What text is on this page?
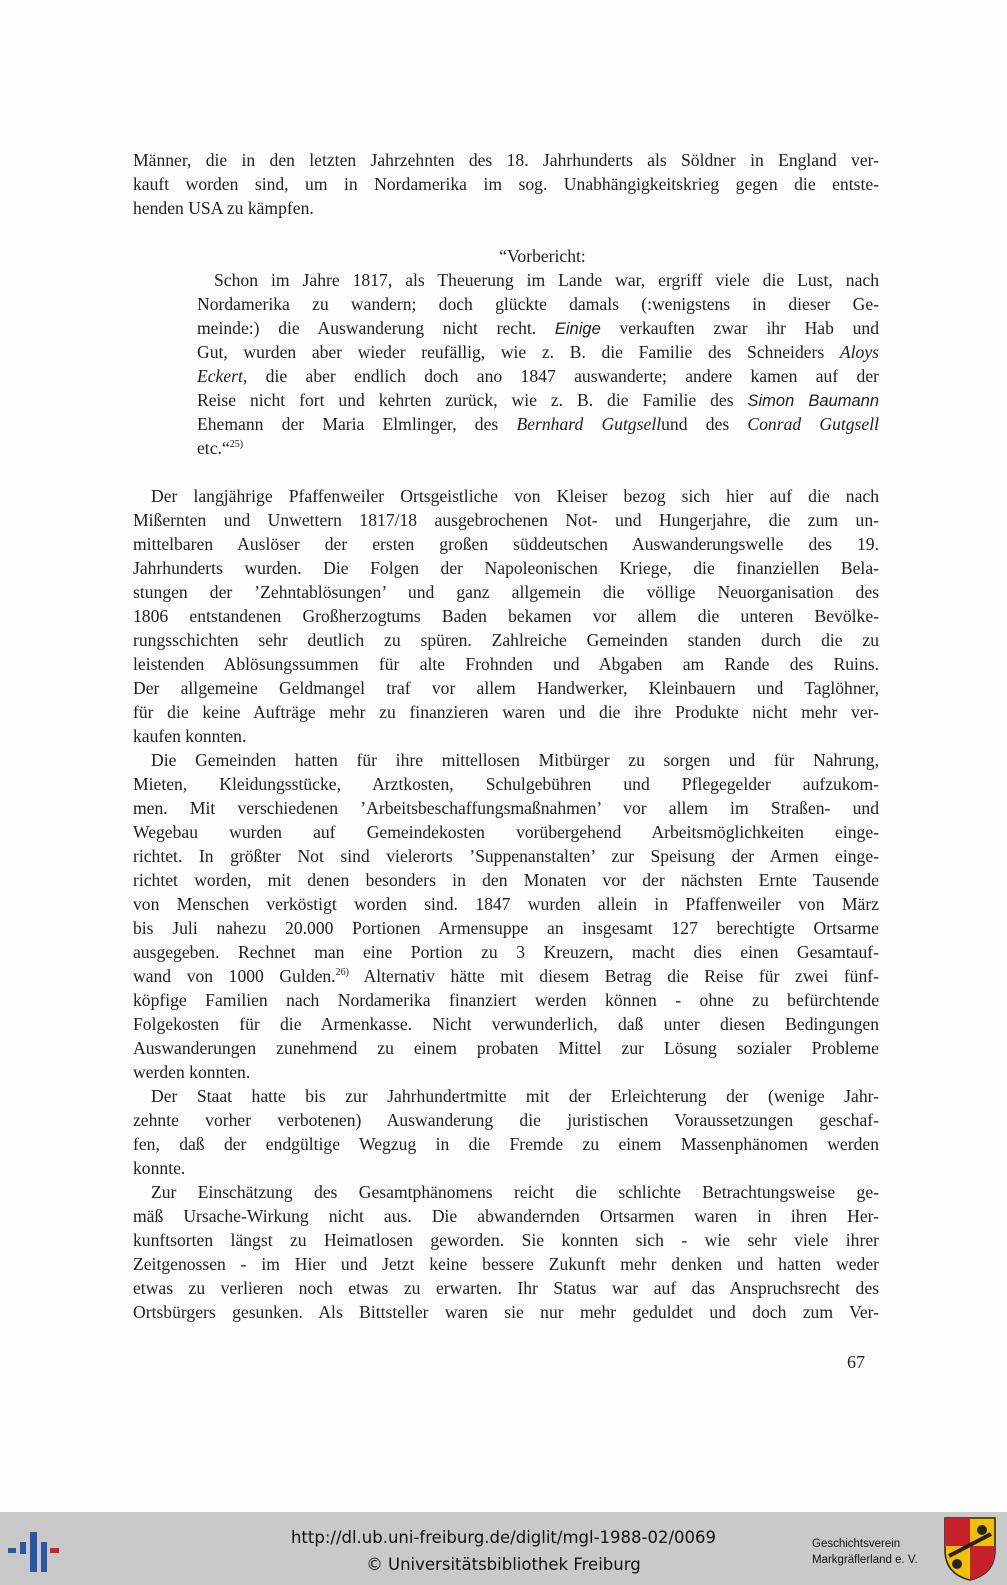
Männer, die in den letzten Jahrzehnten des 18. Jahrhunderts als Söldner in England ver-
kauft worden sind, um in Nordamerika im sog. Unabhängigkeitskrieg gegen die entste-
henden USA zu kämpfen.
“Vorbericht:
Schon im Jahre 1817, als Theuerung im Lande war, ergriff viele die Lust, nach
Nordamerika zu wandern; doch glückte damals (:wenigstens in dieser Ge-
meinde:) die Auswanderung nicht recht. Einige verkauften zwar ihr Hab und
Gut, wurden aber wieder reufällig, wie z. B. die Familie des Schneiders Aloys
Eckert, die aber endlich doch ano 1847 auswanderte; andere kamen auf der
Reise nicht fort und kehrten zurück, wie z. B. die Familie des Simon Baumann
Ehemann der Maria Elmlinger, des Bernhard Gutgsellund des Conrad Gutgsell
etc.“$^{25)}$
Der langjährige Pfaffenweiler Ortsgeistliche von Kleiser bezog sich hier auf die nach
Mißernten und Unwettern 1817/18 ausgebrochenen Not- und Hungerjahre, die zum un-
mittelbaren Auslöser der ersten großen süddeutschen Auswanderungswelle des 19.
Jahrhunderts wurden. Die Folgen der Napoleonischen Kriege, die finanziellen Bela-
stungen der ’Zehntablösungen’ und ganz allgemein die völlige Neuorganisation des
1806 entstandenen Großherzogtums Baden bekamen vor allem die unteren Bevölke-
rungsschichten sehr deutlich zu spüren. Zahlreiche Gemeinden standen durch die zu
leistenden Ablösungssummen für alte Frohnden und Abgaben am Rande des Ruins.
Der allgemeine Geldmangel traf vor allem Handwerker, Kleinbauern und Taglöhner,
für die keine Aufträge mehr zu finanzieren waren und die ihre Produkte nicht mehr ver-
kaufen konnten.
Die Gemeinden hatten für ihre mittellosen Mitbürger zu sorgen und für Nahrung,
Mieten, Kleidungsstücke, Arztkosten, Schulgebühren und Pflegegelder aufzukom-
men. Mit verschiedenen ’Arbeitsbeschaffungsmaßnahmen’ vor allem im Straßen- und
Wegebau wurden auf Gemeindekosten vorübergehend Arbeitsmöglichkeiten einge-
richtet. In größter Not sind vielerorts ’Suppenanstalten’ zur Speisung der Armen einge-
richtet worden, mit denen besonders in den Monaten vor der nächsten Ernte Tausende
von Menschen verköstigt worden sind. 1847 wurden allein in Pfaffenweiler von März
bis Juli nahezu 20.000 Portionen Armensuppe an insgesamt 127 berechtigte Ortsarme
ausgegeben. Rechnet man eine Portion zu 3 Kreuzern, macht dies einen Gesamtauf-
wand von 1000 Gulden.$^{26)}$ Alternativ hätte mit diesem Betrag die Reise für zwei fünf-
köpfige Familien nach Nordamerika finanziert werden können - ohne zu befürchtende
Folgekosten für die Armenkasse. Nicht verwunderlich, daß unter diesen Bedingungen
Auswanderungen zunehmend zu einem probaten Mittel zur Lösung sozialer Probleme
werden konnten.
Der Staat hatte bis zur Jahrhundertmitte mit der Erleichterung der (wenige Jahr-
zehnte vorher verbotenen) Auswanderung die juristischen Voraussetzungen geschaf-
fen, daß der endgültige Wegzug in die Fremde zu einem Massenphänomen werden
konnte.
Zur Einschätzung des Gesamtphänomens reicht die schlichte Betrachtungsweise ge-
mäß Ursache-Wirkung nicht aus. Die abwandernden Ortsarmen waren in ihren Her-
kunftsorten längst zu Heimatlosen geworden. Sie konnten sich - wie sehr viele ihrer
Zeitgenossen - im Hier und Jetzt keine bessere Zukunft mehr denken und hatten weder
etwas zu verlieren noch etwas zu erwarten. Ihr Status war auf das Anspruchsrecht des
Ortsbürgers gesunken. Als Bittsteller waren sie nur mehr geduldet und doch zum Ver-
67
http://dl.ub.uni-freiburg.de/diglit/mgl-1988-02/0069
© Universitätsbibliothek Freiburg
Geschichtsverein
Markgräflerland e. V.
